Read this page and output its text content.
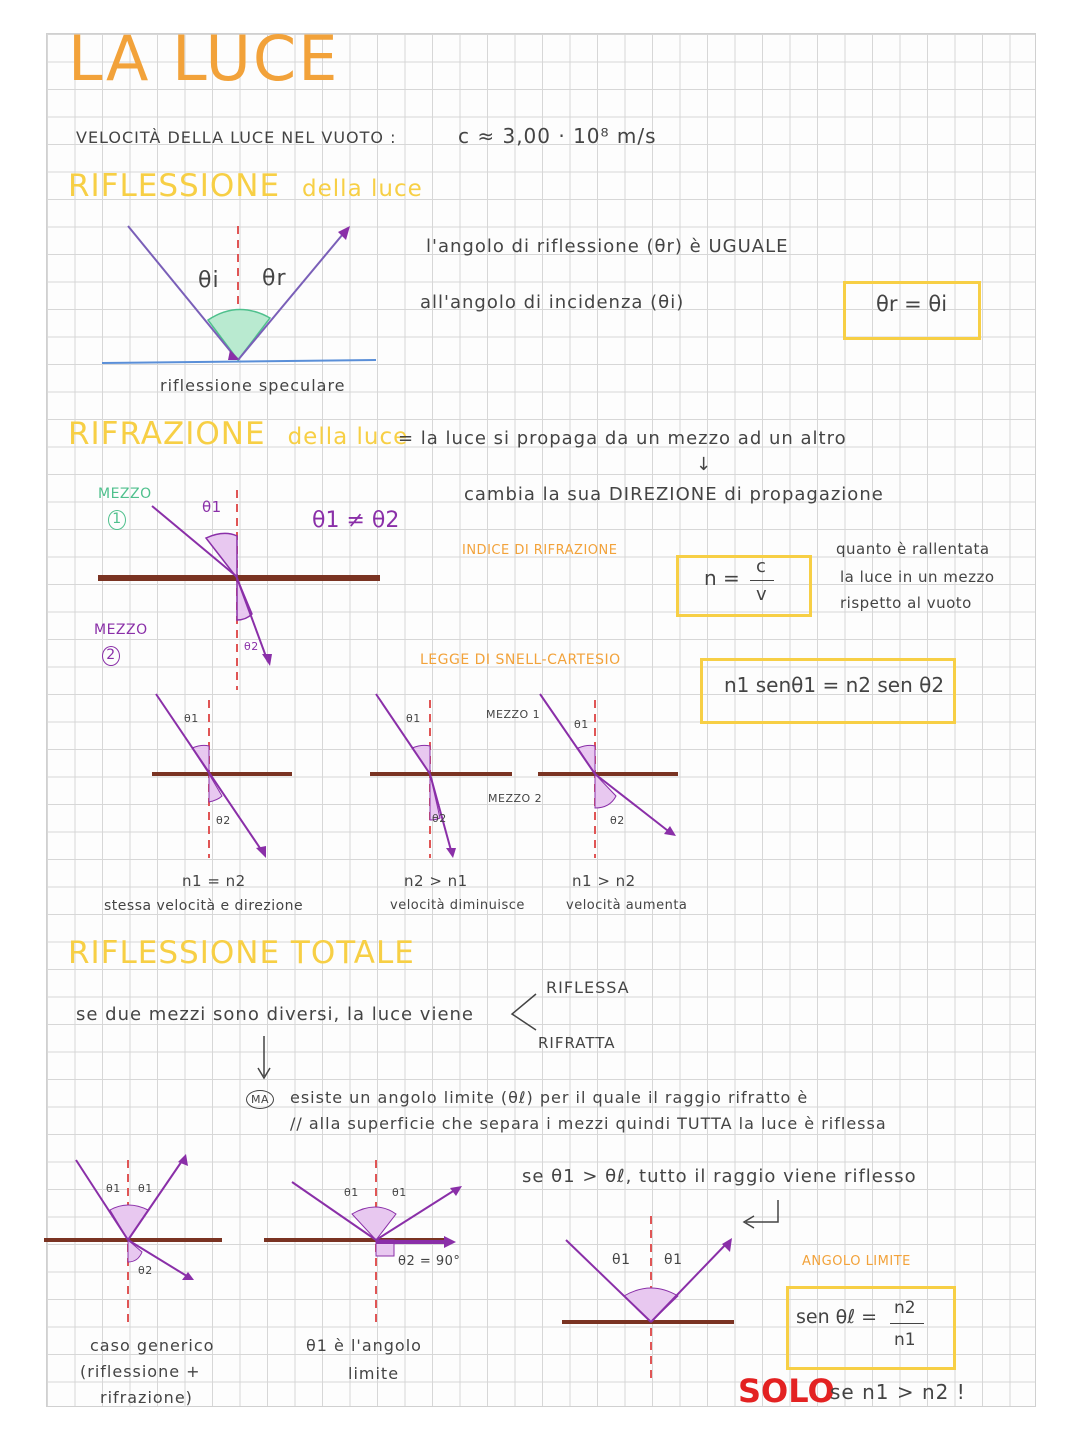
LA LUCE
VELOCITÀ DELLA LUCE NEL VUOTO :	c ≈ 3,00 · 10⁸ m/s
RIFLESSIONE della luce
θi θr
riflessione speculare
l'angolo di riflessione (θr) è UGUALE
all'angolo di incidenza (θi)	θr = θi
RIFRAZIONE della luce
= la luce si propaga da un mezzo ad un altro
↓
cambia la sua DIREZIONE di propagazione
MEZZO
1
MEZZO
2
θ1
θ2
θ1 ≠ θ2
INDICE DI RIFRAZIONE
n = c
v
quanto è rallentata
la luce in un mezzo
rispetto al vuoto
LEGGE DI SNELL-CARTESIO
n1 senθ1 = n2 sen θ2
θ1
θ2
θ1
θ2
θ1
θ2
MEZZO 1
MEZZO 2
n1 = n2
stessa velocità e direzione
n2 > n1
velocità diminuisce
n1 > n2
velocità aumenta
RIFLESSIONE TOTALE
se due mezzi sono diversi, la luce viene
RIFLESSA
RIFRATTA
MA	esiste un angolo limite (θℓ) per il quale il raggio rifratto è
// alla superficie che separa i mezzi quindi TUTTA la luce è riflessa
se θ1 > θℓ, tutto il raggio viene riflesso
θ1 θ1
θ2
θ1	θ1
θ2 = 90°	θ1 θ1
caso generico
(riflessione +
rifrazione)
θ1 è l'angolo
limite
ANGOLO LIMITE
sen θℓ = n2
n1
SOLO
se n1 > n2 !
